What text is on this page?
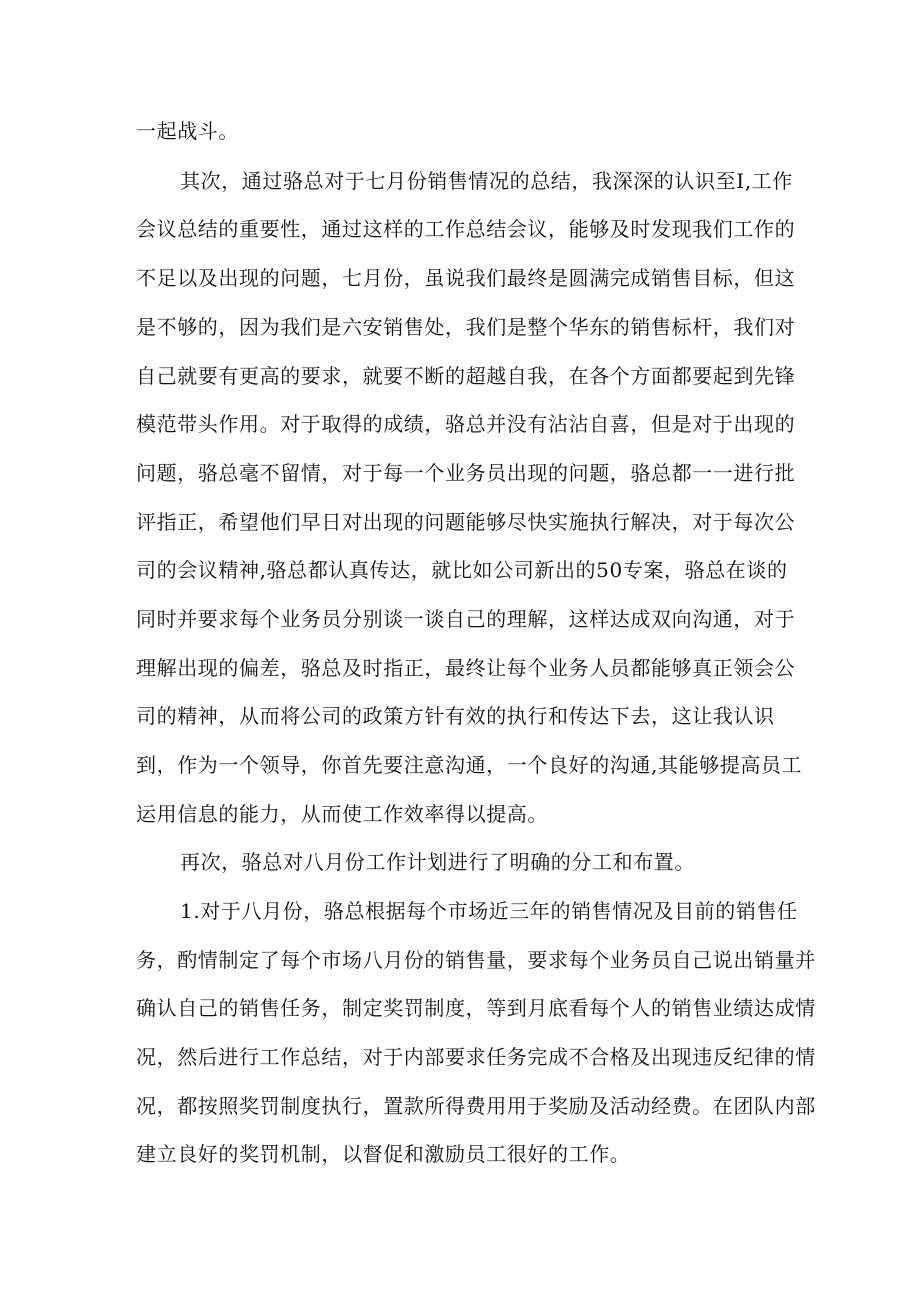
一起战斗。
其次，通过骆总对于七月份销售情况的总结，我深深的认识至I,工作
会议总结的重要性，通过这样的工作总结会议，能够及时发现我们工作的
不足以及出现的问题，七月份，虽说我们最终是圆满完成销售目标，但这
是不够的，因为我们是六安销售处，我们是整个华东的销售标杆，我们对
自己就要有更高的要求，就要不断的超越自我，在各个方面都要起到先锋
模范带头作用。对于取得的成绩，骆总并没有沾沾自喜，但是对于出现的
问题，骆总毫不留情，对于每一个业务员出现的问题，骆总都一一进行批
评指正，希望他们早日对出现的问题能够尽快实施执行解决，对于每次公
司的会议精神,骆总都认真传达，就比如公司新出的50专案，骆总在谈的
同时并要求每个业务员分别谈一谈自己的理解，这样达成双向沟通，对于
理解出现的偏差，骆总及时指正，最终让每个业务人员都能够真正领会公
司的精神，从而将公司的政策方针有效的执行和传达下去，这让我认识
到，作为一个领导，你首先要注意沟通，一个良好的沟通,其能够提高员工
运用信息的能力，从而使工作效率得以提高。
再次，骆总对八月份工作计划进行了明确的分工和布置。
1.对于八月份，骆总根据每个市场近三年的销售情况及目前的销售任
务，酌情制定了每个市场八月份的销售量，要求每个业务员自己说出销量并
确认自己的销售任务，制定奖罚制度，等到月底看每个人的销售业绩达成情
况，然后进行工作总结，对于内部要求任务完成不合格及出现违反纪律的情
况，都按照奖罚制度执行，置款所得费用用于奖励及活动经费。在团队内部
建立良好的奖罚机制，以督促和激励员工很好的工作。
